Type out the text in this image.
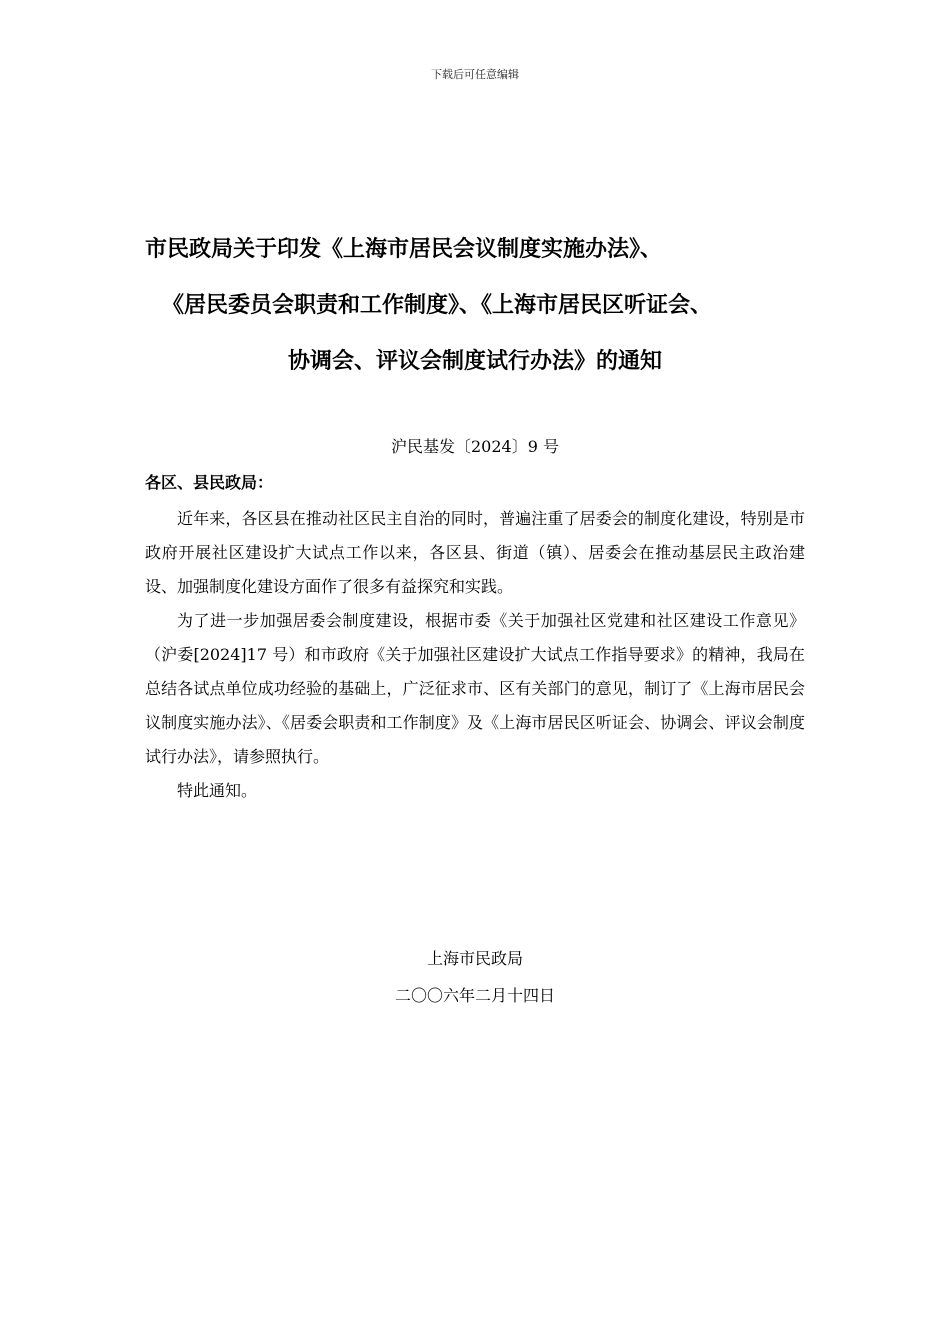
下载后可任意编辑
市民政局关于印发《上海市居民会议制度实施办法》、
《居民委员会职责和工作制度》、《上海市居民区听证会、
协调会、评议会制度试行办法》的通知
沪民基发〔2024〕9 号
各区、县民政局：

近年来，各区县在推动社区民主自治的同时，普遍注重了居委会的制度化建设，特别是市政府开展社区建设扩大试点工作以来，各区县、街道（镇）、居委会在推动基层民主政治建设、加强制度化建设方面作了很多有益探究和实践。

为了进一步加强居委会制度建设，根据市委《关于加强社区党建和社区建设工作意见》（沪委[2024]17 号）和市政府《关于加强社区建设扩大试点工作指导要求》的精神，我局在总结各试点单位成功经验的基础上，广泛征求市、区有关部门的意见，制订了《上海市居民会议制度实施办法》、《居委会职责和工作制度》及《上海市居民区听证会、协调会、评议会制度试行办法》，请参照执行。

特此通知。

上海市民政局
二〇〇六年二月十四日
